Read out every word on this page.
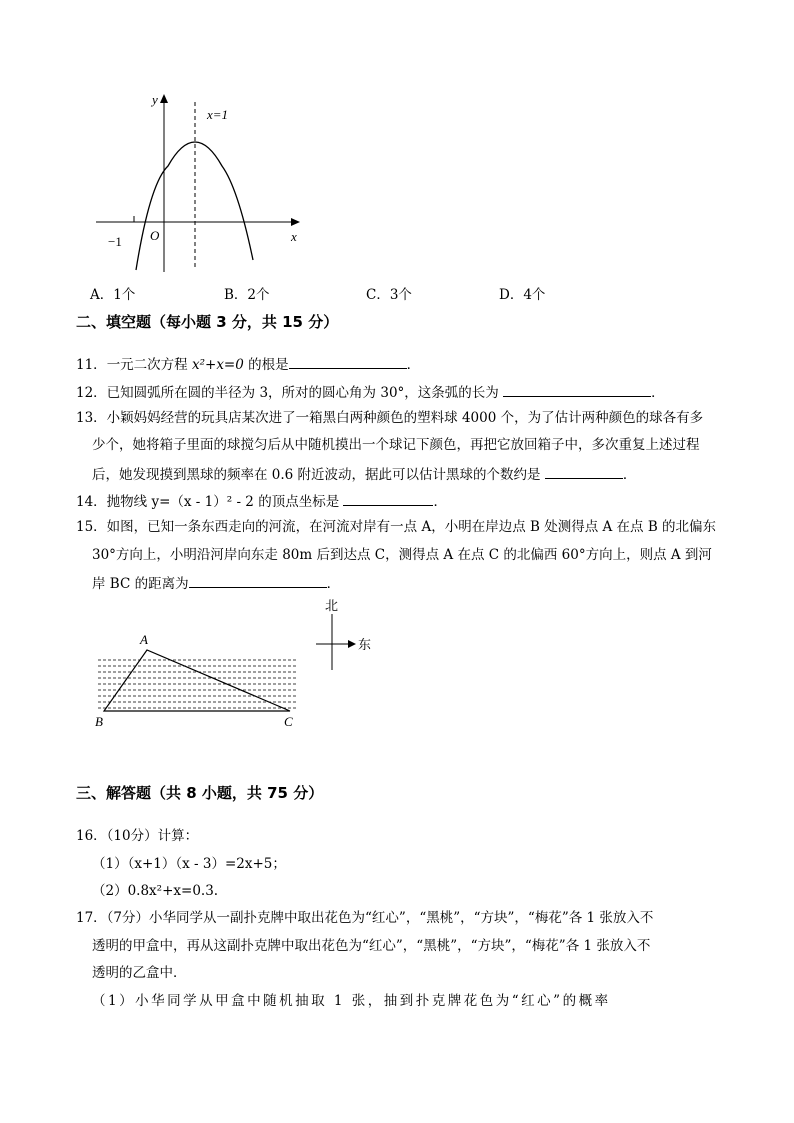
y
x
x=1
−1 O
A．1个	B．2个	C．3个	D．4个
二、填空题（每小题 3 分，共 15 分）
11．一元二次方程 x²+x=0 的根是	．
12．已知圆弧所在圆的半径为 3，所对的圆心角为 30°，这条弧的长为	．
13．小颖妈妈经营的玩具店某次进了一箱黑白两种颜色的塑料球 4000 个，为了估计两种颜色的球各有多
少个，她将箱子里面的球搅匀后从中随机摸出一个球记下颜色，再把它放回箱子中，多次重复上述过程
后，她发现摸到黑球的频率在 0.6 附近波动，据此可以估计黑球的个数约是	．
14．抛物线 y=（x - 1）² - 2 的顶点坐标是	．
15．如图，已知一条东西走向的河流，在河流对岸有一点 A，小明在岸边点 B 处测得点 A 在点 B 的北偏东
30°方向上，小明沿河岸向东走 80m 后到达点 C，测得点 A 在点 C 的北偏西 60°方向上，则点 A 到河
岸 BC 的距离为	．
A
B	C
北
东
三、解答题（共 8 小题，共 75 分）
16．（10分）计算：
（1）（x+1）（x - 3）=2x+5；
（2）0.8x²+x=0.3.
17．（7分）小华同学从一副扑克牌中取出花色为“红心”，“黑桃”，“方块”，“梅花”各 1 张放入不
透明的甲盒中，再从这副扑克牌中取出花色为“红心”，“黑桃”，“方块”，“梅花”各 1 张放入不
透明的乙盒中．
（1）小华同学从甲盒中随机抽取 1 张，抽到扑克牌花色为“红心”的概率
